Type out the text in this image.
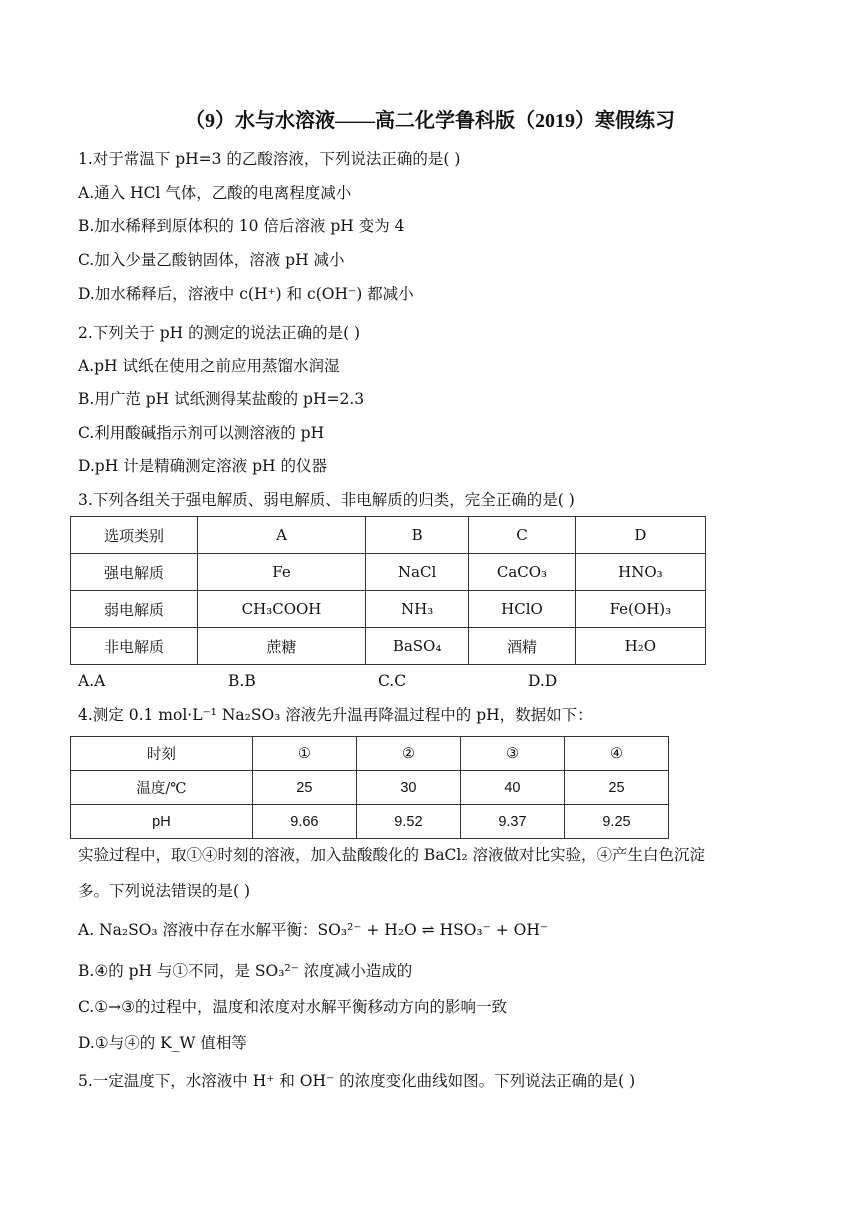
（9）水与水溶液——高二化学鲁科版（2019）寒假练习
1.对于常温下 pH=3 的乙酸溶液，下列说法正确的是( )
A.通入 HCl 气体，乙酸的电离程度减小
B.加水稀释到原体积的 10 倍后溶液 pH 变为 4
C.加入少量乙酸钠固体，溶液 pH 减小
D.加水稀释后，溶液中 c(H⁺) 和 c(OH⁻) 都减小
2.下列关于 pH 的测定的说法正确的是( )
A.pH 试纸在使用之前应用蒸馏水润湿
B.用广范 pH 试纸测得某盐酸的 pH=2.3
C.利用酸碱指示剂可以测溶液的 pH
D.pH 计是精确测定溶液 pH 的仪器
3.下列各组关于强电解质、弱电解质、非电解质的归类，完全正确的是( )
选项类别	A	B	C	D
强电解质	Fe	NaCl	CaCO₃	HNO₃
弱电解质	CH₃COOH	NH₃	HClO	Fe(OH)₃
非电解质	蔗糖	BaSO₄	酒精	H₂O
A.A	B.B	C.C	D.D
4.测定 0.1 mol·L⁻¹ Na₂SO₃ 溶液先升温再降温过程中的 pH，数据如下：
时刻	①	②	③	④
温度/℃	25	30	40	25
pH	9.66	9.52	9.37	9.25
实验过程中，取①④时刻的溶液，加入盐酸酸化的 BaCl₂ 溶液做对比实验，④产生白色沉淀
多。下列说法错误的是( )
A. Na₂SO₃ 溶液中存在水解平衡：SO₃²⁻ + H₂O ⇌ HSO₃⁻ + OH⁻
B.④的 pH 与①不同，是 SO₃²⁻ 浓度减小造成的
C.①→③的过程中，温度和浓度对水解平衡移动方向的影响一致
D.①与④的 K_W 值相等
5.一定温度下，水溶液中 H⁺ 和 OH⁻ 的浓度变化曲线如图。下列说法正确的是( )
